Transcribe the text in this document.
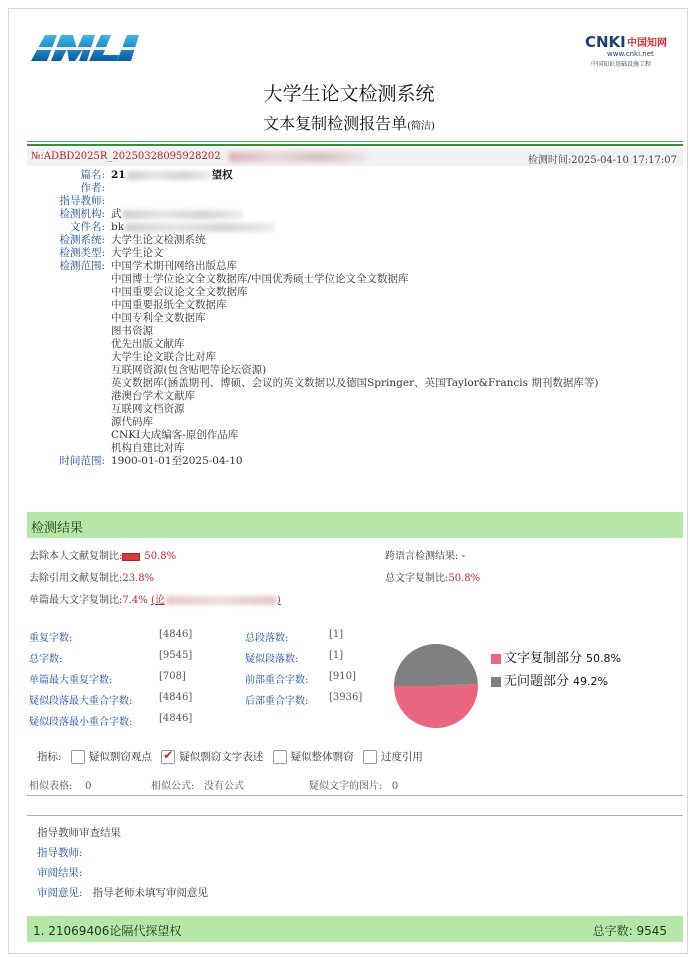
CNKI 中国知网
www.cnki.net
中国知识基础设施工程
大学生论文检测系统
文本复制检测报告单(简洁)
№:ADBD2025R_20250328095928202	检测时间:2025-04-10 17:17:07
篇名: 21	望权
作者:
指导教师:
检测机构: 武
文件名: bk
检测系统: 大学生论文检测系统
检测类型: 大学生论文
检测范围: 中国学术期刊网络出版总库
中国博士学位论文全文数据库/中国优秀硕士学位论文全文数据库
中国重要会议论文全文数据库
中国重要报纸全文数据库
中国专利全文数据库
图书资源
优先出版文献库
大学生论文联合比对库
互联网资源(包含贴吧等论坛资源)
英文数据库(涵盖期刊、博硕、会议的英文数据以及德国Springer、英国Taylor&Francis 期刊数据库等)
港澳台学术文献库
互联网文档资源
源代码库
CNKI大成编客-原创作品库
机构自建比对库
时间范围: 1900-01-01至2025-04-10
检测结果
去除本人文献复制比: 50.8%
去除引用文献复制比:23.8%
单篇最大文字复制比:7.4% (论	)
跨语言检测结果: -
总文字复制比:50.8%
重复字数:	[4846]
总字数:	[9545]
单篇最大重复字数:	[708]
疑似段落最大重合字数:	[4846]
疑似段落最小重合字数:	[4846]
总段落数:	[1]
疑似段落数:	[1]
前部重合字数: [910]
后部重合字数: [3936]
文字复制部分 50.8%
无问题部分 49.2%
指标:	疑似剽窃观点 ✔	疑似剽窃文字表述	疑似整体剽窃	过度引用
相似表格: 0	相似公式: 没有公式	疑似文字的图片: 0
指导教师审查结果
指导教师:
审阅结果:
审阅意见: 指导老师未填写审阅意见
1. 21069406论隔代探望权	总字数: 9545
